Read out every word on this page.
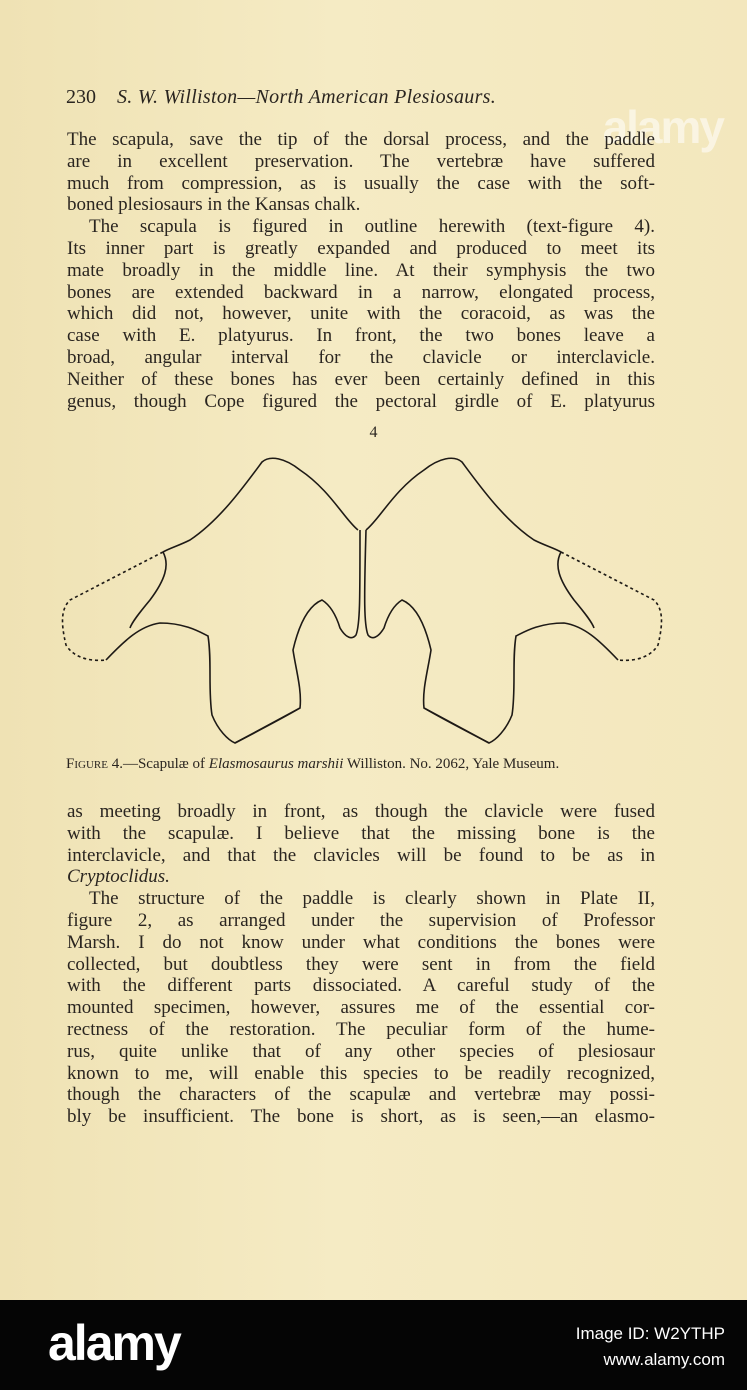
alamy
230 S. W. Williston—North American Plesiosaurs.
The scapula, save the tip of the dorsal process, and the paddle
are in excellent preservation. The vertebræ have suffered
much from compression, as is usually the case with the soft-
boned plesiosaurs in the Kansas chalk.
The scapula is figured in outline herewith (text-figure 4).
Its inner part is greatly expanded and produced to meet its
mate broadly in the middle line. At their symphysis the two
bones are extended backward in a narrow, elongated process,
which did not, however, unite with the coracoid, as was the
case with E. platyurus. In front, the two bones leave a
broad, angular interval for the clavicle or interclavicle.
Neither of these bones has ever been certainly defined in this
genus, though Cope figured the pectoral girdle of E. platyurus
4
Figure 4.—Scapulæ of Elasmosaurus marshii Williston. No. 2062, Yale Museum.
as meeting broadly in front, as though the clavicle were fused
with the scapulæ. I believe that the missing bone is the
interclavicle, and that the clavicles will be found to be as in
Cryptoclidus.
The structure of the paddle is clearly shown in Plate II,
figure 2, as arranged under the supervision of Professor
Marsh. I do not know under what conditions the bones were
collected, but doubtless they were sent in from the field
with the different parts dissociated. A careful study of the
mounted specimen, however, assures me of the essential cor-
rectness of the restoration. The peculiar form of the hume-
rus, quite unlike that of any other species of plesiosaur
known to me, will enable this species to be readily recognized,
though the characters of the scapulæ and vertebræ may possi-
bly be insufficient. The bone is short, as is seen,—an elasmo-
alamy	Image ID: W2YTHP
www.alamy.com
